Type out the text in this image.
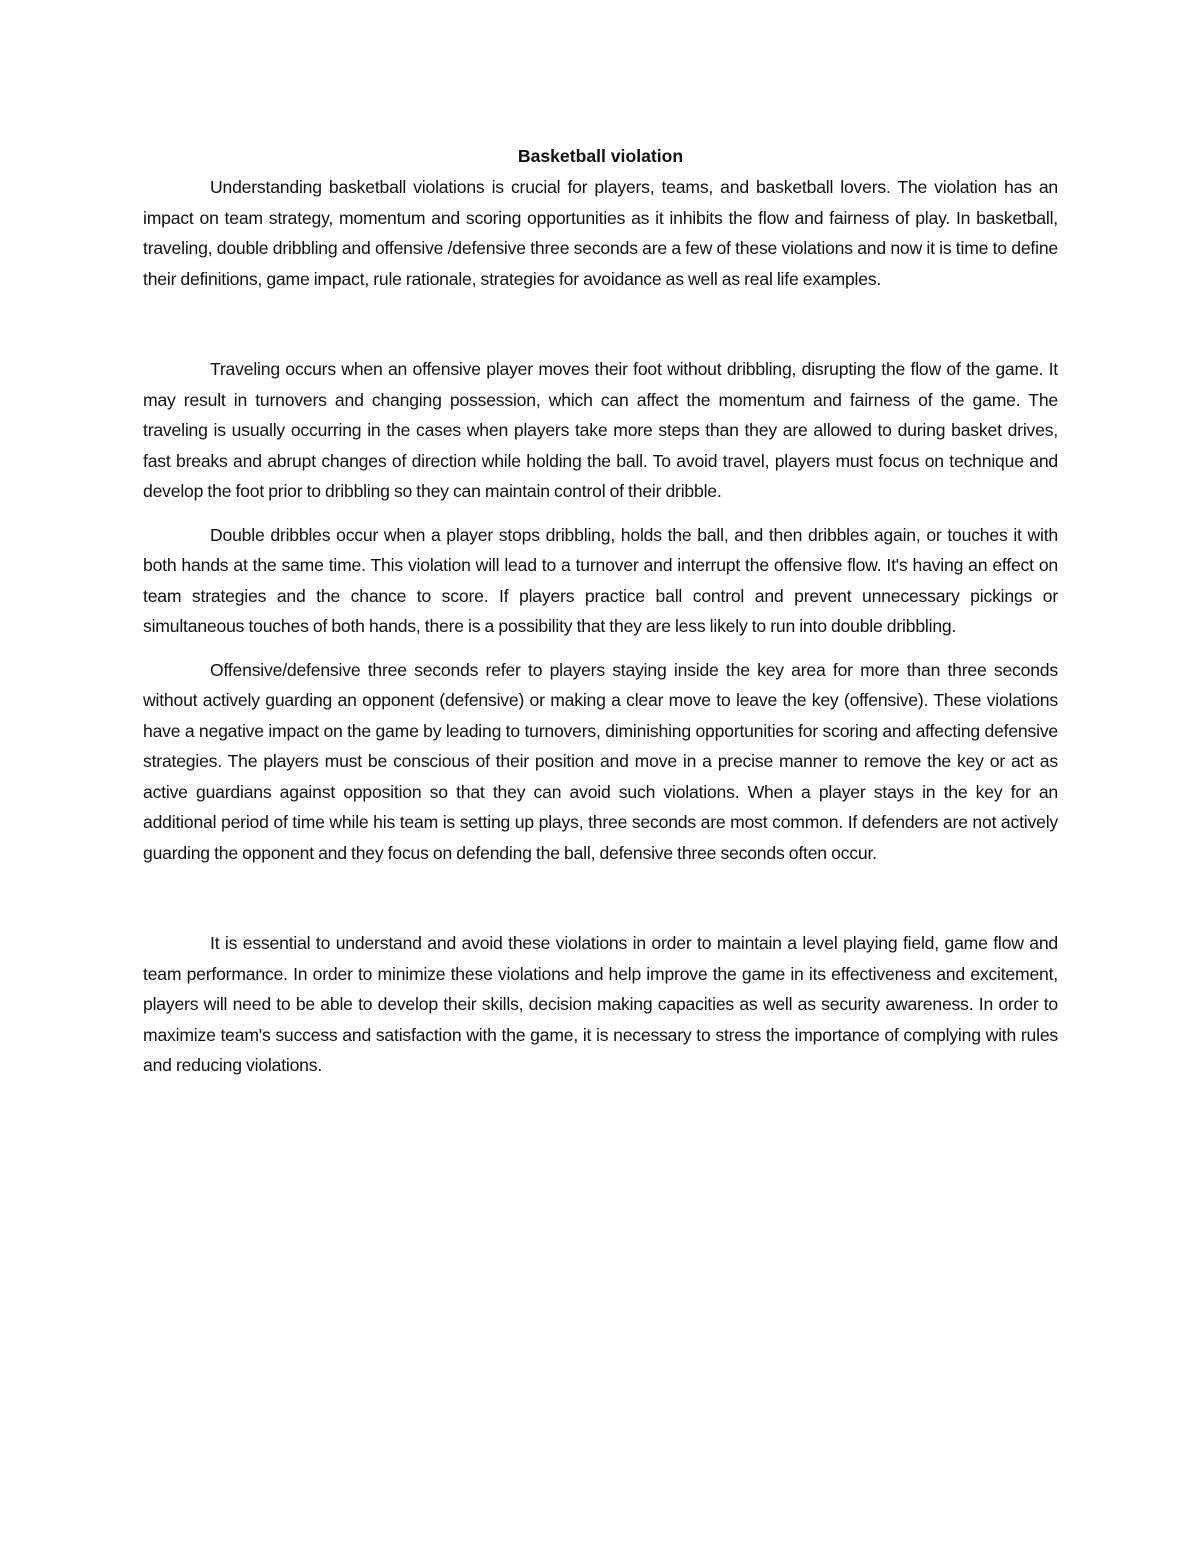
Basketball violation

Understanding basketball violations is crucial for players, teams, and basketball lovers. The violation has an impact on team strategy, momentum and scoring opportunities as it inhibits the flow and fairness of play. In basketball, traveling, double dribbling and offensive /defensive three seconds are a few of these violations and now it is time to define their definitions, game impact, rule rationale, strategies for avoidance as well as real life examples.

Traveling occurs when an offensive player moves their foot without dribbling, disrupting the flow of the game. It may result in turnovers and changing possession, which can affect the momentum and fairness of the game. The traveling is usually occurring in the cases when players take more steps than they are allowed to during basket drives, fast breaks and abrupt changes of direction while holding the ball. To avoid travel, players must focus on technique and develop the foot prior to dribbling so they can maintain control of their dribble.

Double dribbles occur when a player stops dribbling, holds the ball, and then dribbles again, or touches it with both hands at the same time. This violation will lead to a turnover and interrupt the offensive flow. It's having an effect on team strategies and the chance to score. If players practice ball control and prevent unnecessary pickings or simultaneous touches of both hands, there is a possibility that they are less likely to run into double dribbling.

Offensive/defensive three seconds refer to players staying inside the key area for more than three seconds without actively guarding an opponent (defensive) or making a clear move to leave the key (offensive). These violations have a negative impact on the game by leading to turnovers, diminishing opportunities for scoring and affecting defensive strategies. The players must be conscious of their position and move in a precise manner to remove the key or act as active guardians against opposition so that they can avoid such violations. When a player stays in the key for an additional period of time while his team is setting up plays, three seconds are most common. If defenders are not actively guarding the opponent and they focus on defending the ball, defensive three seconds often occur.

It is essential to understand and avoid these violations in order to maintain a level playing field, game flow and team performance. In order to minimize these violations and help improve the game in its effectiveness and excitement, players will need to be able to develop their skills, decision making capacities as well as security awareness. In order to maximize team's success and satisfaction with the game, it is necessary to stress the importance of complying with rules and reducing violations.
